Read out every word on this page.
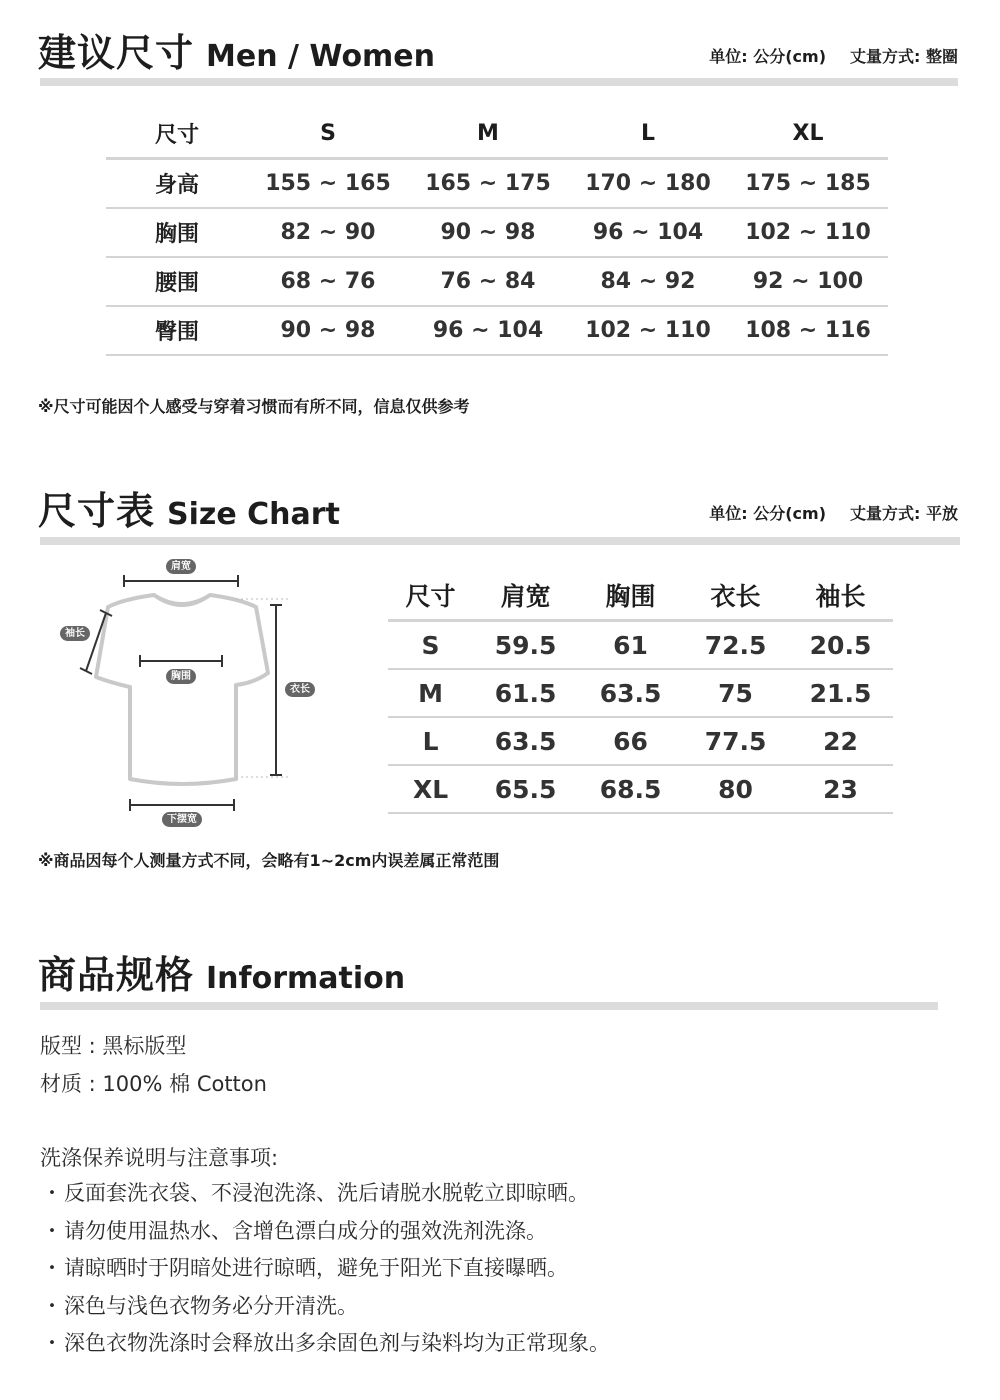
建议尺寸 Men / Women	单位: 公分(cm) 丈量方式: 整圈
尺寸	S	M	L	XL
身高	155 ~ 165	165 ~ 175	170 ~ 180	175 ~ 185
胸围	82 ~ 90	90 ~ 98	96 ~ 104	102 ~ 110
腰围	68 ~ 76	76 ~ 84	84 ~ 92	92 ~ 100
臀围	90 ~ 98	96 ~ 104	102 ~ 110	108 ~ 116
※尺寸可能因个人感受与穿着习惯而有所不同，信息仅供参考
尺寸表 Size Chart	单位: 公分(cm) 丈量方式: 平放
肩宽
袖长
胸围
衣长
下摆宽
尺寸	肩宽	胸围	衣长	袖长
S	59.5	61	72.5	20.5
M	61.5	63.5	75	21.5
L	63.5	66	77.5	22
XL	65.5	68.5	80	23
※商品因每个人测量方式不同，会略有1~2cm内误差属正常范围
商品规格 Information
版型 : 黑标版型
材质 : 100% 棉 Cotton
洗涤保养说明与注意事项:
・反面套洗衣袋、不浸泡洗涤、洗后请脱水脱乾立即晾晒。
・请勿使用温热水、含增色漂白成分的强效洗剂洗涤。
・请晾晒时于阴暗处进行晾晒，避免于阳光下直接曝晒。
・深色与浅色衣物务必分开清洗。
・深色衣物洗涤时会释放出多余固色剂与染料均为正常现象。
